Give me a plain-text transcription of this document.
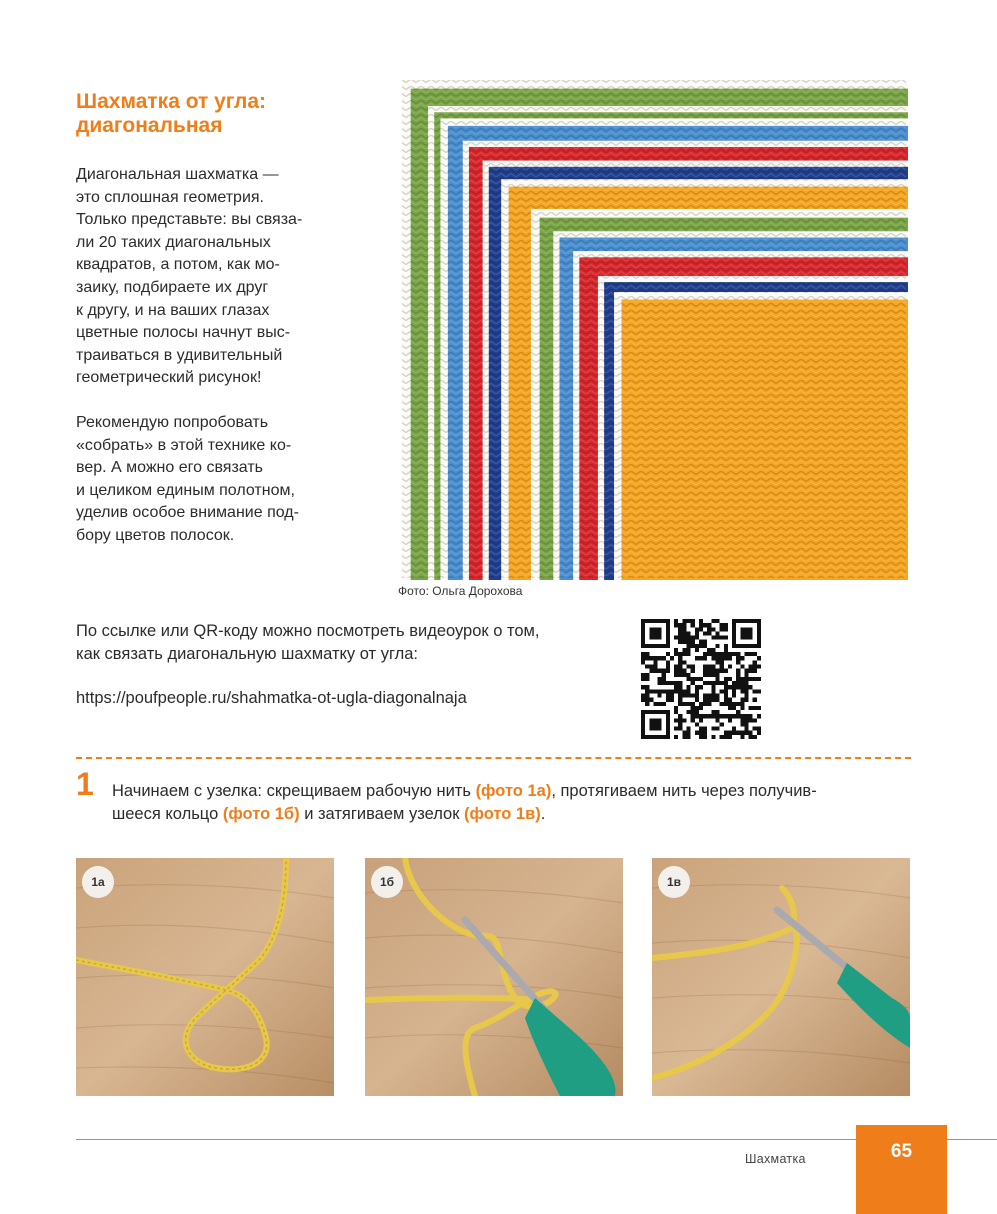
Шахматка от угла:
диагональная

Диагональная шахматка —
это сплошная геометрия.
Только представьте: вы связа-
ли 20 таких диагональных
квадратов, а потом, как мо-
заику, подбираете их друг
к другу, и на ваших глазах
цветные полосы начнут выс-
траиваться в удивительный
геометрический рисунок!

Рекомендую попробовать
«собрать» в этой технике ко-
вер. А можно его связать
и целиком единым полотном,
уделив особое внимание под-
бору цветов полосок.

Фото: Ольга Дорохова
По ссылке или QR-коду можно посмотреть видеоурок о том,
как связать диагональную шахматку от угла:
https://poufpeople.ru/shahmatka-ot-ugla-diagonalnaja
1 Начинаем с узелка: скрещиваем рабочую нить (фото 1а), протягиваем нить через получив-
шееся кольцо (фото 1б) и затягиваем узелок (фото 1в).
1а	1б	1в
Шахматка	65
